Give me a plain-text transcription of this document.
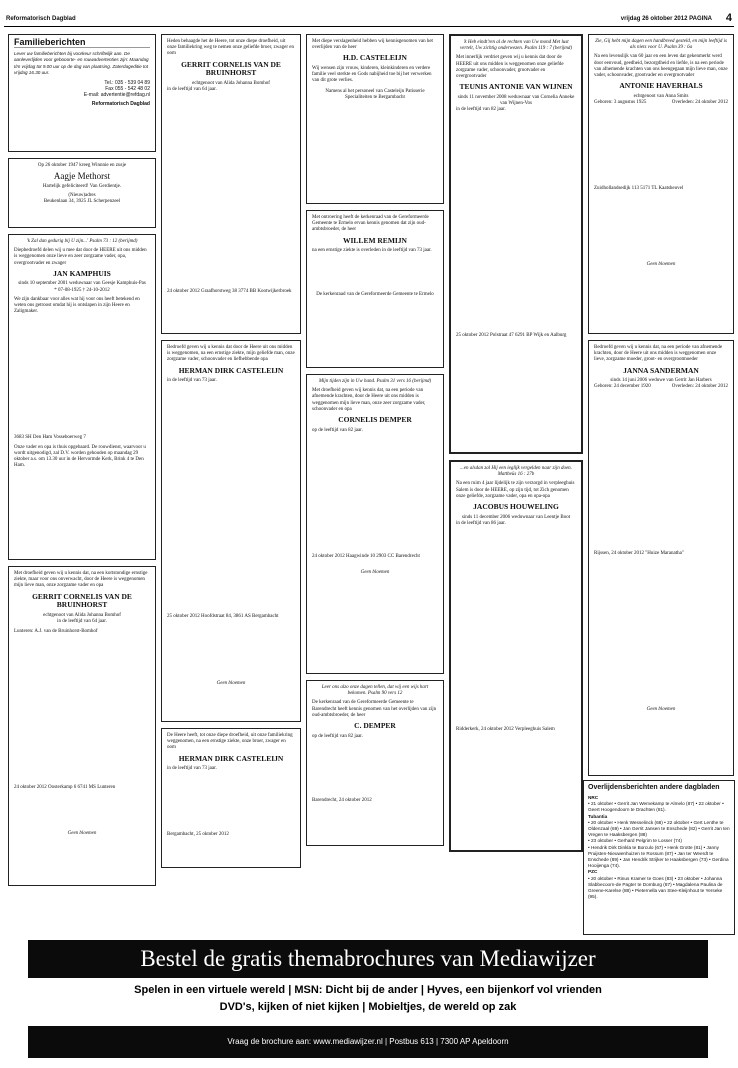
Reformatorisch Dagblad	vrijdag 26 oktober 2012 PAGINA 4
Familieberichten
Lever uw familieberichten bij voorkeur schriftelijk aan. De aanleverlijden voor gebooorte- en rouwadvertenties zijn: Maandag t/m vrijdag tot 9.00 uur op de dag van plaatsing. Zaterdageditie tot vrijdag 16.30 uur.
Tel.: 035 - 539 04 89
Fax 055 - 542 48 02
E-mail: advertentie@refdag.nl
Reformatorisch Dagblad
Op 26 oktober 1947 kreeg Winnnie en zusje
Aagje Methorst
Hartelijk gefeliciteerd! Van Gerdientje.
(Nieuw)adres
Beukenlaan 34, 3925 JL Scherpenzeel
'k Zal dan gedurig bij U zijn...' Psalm 73 : 12 (berijmd)
Diepbedroefd delen wij u mee dat door de HEERE uit ons midden is weggenomen onze lieve en zeer zorgzame vader, opa, overgrootvader en zwager
JAN KAMPHUIS
sinds 10 september 2001 weduwnaar van Geesje Kamphuis-Pas
* 07-08-1925 † 24-10-2012
We zijn dankbaar voor alles wat hij voor ons heeft betekend en weten ons getroost omdat hij is ontslapen in zijn Heere en Zaligmaker.
3683 SH Den Ham Vosseboerweg 7
Onze vader en opa is thuis opgebaard. De rouwdienst, waarvoor u wordt uitgenodigd, zal D.V. worden gehouden op maandag 29 oktober a.s. om 13.30 uur in de Hervormde Kerk, Brink 4 te Den Ham.
Met droefheid geven wij u kennis dat, na een kortstondige ernstige ziekte, maar voor ons onverwacht, door de Heere is weggenomen mijn lieve man, onze zorgzame vader en opa
GERRIT CORNELIS VAN DE BRUINHORST
echtgenoot van Alida Johanna Bomhof
in de leeftijd van 64 jaar.
Lunteren: A.J. van de Bruinhorst-Bomhof
24 oktober 2012 Oosterkamp 6 6741 MS Lunteren
Geen bloemen
Heden behaagde het de Heere, tot onze diepe droefheid, uit onze familiekring weg te nemen onze geliefde broer, zwager en oom
GERRIT CORNELIS VAN DE BRUINHORST
echtgenoot van Alida Johanna Bomhof
in de leeftijd van 64 jaar.
24 oktober 2012 Graafhorstweg 38 3774 BB Kootwijkerbroek
Bedroefd geven wij u kennis dat door de Heere uit ons midden is weggenomen, na een ernstige ziekte, mijn geliefde man, onze zorgzame vader, schoonvader en liefhebbende opa
HERMAN DIRK CASTELEIJN
in de leeftijd van 73 jaar.
25 oktober 2012 Hoofdstraat 84, 3861 AS Bergambacht
Geen bloemen
De Heere heeft, tot onze diepe droefheid, uit onze familiekring weggenomen, na een ernstige ziekte, onze broer, zwager en oom
HERMAN DIRK CASTELEIJN
in de leeftijd van 73 jaar.
Bergambacht, 25 oktober 2012
Met diepe verslagenheid hebben wij kennisgenomen van het overlijden van de heer
H.D. CASTELEIJN
Wij wensen zijn vrouw, kinderen, kleinkinderen en verdere familie veel sterkte en Gods nabijheid toe bij het verwerken van dit grote verlies.
Namens al het personeel van Casteleijn Patisserie Specialiteiten te Bergambacht
Met ontroering heeft de kerkenraad van de Gereformeerde Gemeente te Ermelo ervan kennis genomen dat zijn oud-ambtsbroeder, de heer
WILLEM REMIJN
na een ernstige ziekte is overleden in de leeftijd van 73 jaar.
De kerkenraad van de Gereformeerde Gemeente te Ermelo
Mijn tijden zijn in Uw hand. Psalm 31 vers 16 (berijmd)
Met droefheid geven wij kennis dat, na een periode van afnemende krachten, door de Heere uit ons midden is weggenomen mijn lieve man, onze zeer zorgzame vader, schoonvader en opa
CORNELIS DEMPER
op de leeftijd van 82 jaar.
24 oktober 2012 Haagwinde 10 2903 CC Barendrecht
Geen bloemen
Leer ons alzo onze dagen tellen, dat wij een wijs hart bekomen. Psalm 90 vers 12
De kerkenraad van de Gereformeerde Gemeente te Barendrecht heeft kennis genomen van het overlijden van zijn oud-ambtsbroeder, de heer
C. DEMPER
op de leeftijd van 82 jaar.
Barendrecht, 24 oktober 2012
'k Heb eindt'ren al de rechten van Uw mond Met lust vertelt, Uw zichtig onderwezen. Psalm 119 : 7 (berijmd)
Met innerlijk verdriet geven wij u kennis dat door de HEERE uit ons midden is weggenomen onze geliefde zorgzame vader, schoonvader, grootvader en overgrootvader
TEUNIS ANTONIE VAN WIJNEN
sinds 11 november 2008 weduwnaar van Cornelia Anneke van Wijnen-Vos
in de leeftijd van 82 jaar.
25 oktober 2012 Polstraat 47 6291 BP Wijk en Aalburg
...en alsdan zal Hij een ieglijk vergelden naar zijn doen. Mattheüs 16 : 27b
Na een ruim 4 jaar lijdelijk te zijn verzorgd in verpleeghuis Salem is door de HEERE, op zijn tijd, tot Zich genomen onze geliefde, zorgzame vader, opa en opa-opa
JACOBUS HOUWELING
sinds 11 december 2006 weduwnaar van Leentje Boot
in de leeftijd van 86 jaar.
Ridderkerk, 24 oktober 2012 Verpleeghuis Salem
Zie, Gij hebt mijn dagen een handbreed gesteld, en mijn leeftijd is als niets voor U. Psalm 39 : 6a
Na een levenslijk van 60 jaar en een leven dat gekenmerkt werd door eenvoud, geedheid, bezorgdheid en liefde, is na een periode van afnemende krachten van ons heengegaan mijn lieve man, onze vader, schoonvader, grootvader en overgrootvader
ANTONIE HAVERHALS
echtgenoot van Anna Smits
Geboren: 3 augustus 1925	Overleden: 24 oktober 2012
Zuidhollandsedijk 113 5171 TL Kaatsheuvel
Geen bloemen
Bedroefd geven wij u kennis dat, na een periode van afnemende krachten, door de Heere uit ons midden is weggenomen onze lieve, zorgzame moeder, groot- en overgrootmoeder
JANNA SANDERMAN
sinds 14 juni 2006 weduwe van Gerrit Jan Harbers
Geboren: 24 december 1920	Overleden: 24 oktober 2012
Rijssen, 24 oktober 2012 "Huize Maranatha"
Geen bloemen
Overlijdensberichten andere dagbladen
NRC
• 21 oktober • Gerrit Jan Wemekamp te Almelo (87) • 22 oktober • Geert Hoogendoorn te Drachten (81).
Tubantia
• 20 oktober • Henk Wesselinck (68) • 22 oktober • Gert Lenthe te Oldenzaal (69) • Jan Gerrit Jansen te Enschede (82) • Gerrit Jan ten Vregen te Haaksbergen (88)
• 23 oktober • Gerhard Pelgrim te Losser (74)
• Hendrik Dirk Dinkla te Borculo (67) • Henk Grotte (81) • Janny Pruijsten-Nieuwenhuizen te Rossum (87) • Jan ter Weerdt te Enschede (89) • Jan Hendrik Strijker te Haaksbergen (73) • Gerdina Hooijenga (74).
PZC
• 20 oktober • Rinus Kramer te Goes (83) • 23 oktober • Johanna Slabbecoorn-de Pagter te Domburg (87) • Magdalena Paulina de Greene-Karelse (88) • Pieternella van Stee-Kleijnhout te Yerseke (95).
Bestel de gratis themabrochures van Mediawijzer
Spelen in een virtuele wereld | MSN: Dicht bij de ander | Hyves, een bijenkorf vol vrienden
DVD's, kijken of niet kijken | Mobieltjes, de wereld op zak
Vraag de brochure aan: www.mediawijzer.nl | Postbus 613 | 7300 AP Apeldoorn
